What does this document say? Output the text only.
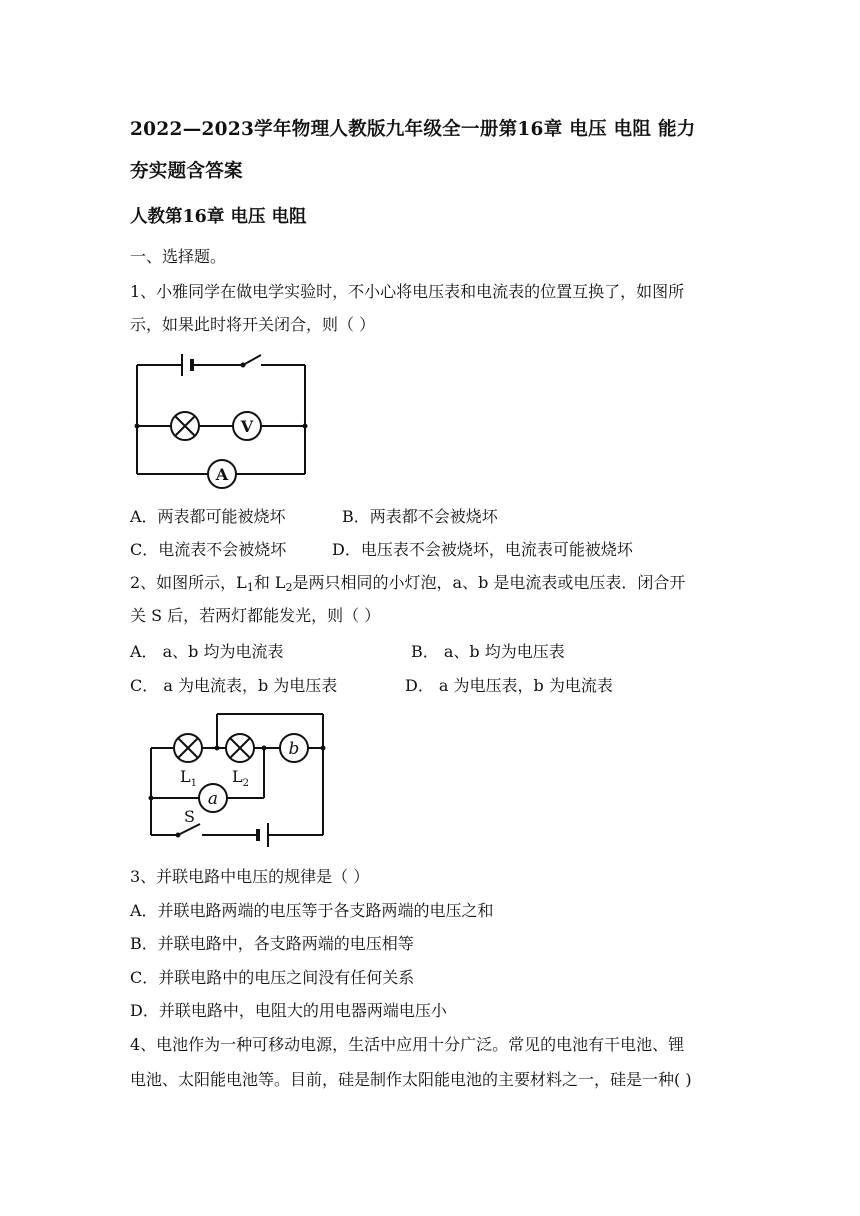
2022—2023学年物理人教版九年级全一册第16章 电压 电阻 能力
夯实题含答案
人教第16章 电压 电阻
一、选择题。
1、小雅同学在做电学实验时，不小心将电压表和电流表的位置互换了，如图所
示，如果此时将开关闭合，则（ ）
V
A
A．两表都可能被烧坏	B．两表都不会被烧坏
C．电流表不会被烧坏	D．电压表不会被烧坏，电流表可能被烧坏
2、如图所示，$L_1$和 $L_2$是两只相同的小灯泡，a、b 是电流表或电压表．闭合开
关 S 后，若两灯都能发光，则（ ）
A． a、b 均为电流表	B． a、b 均为电压表
C． a 为电流表，b 为电压表	D． a 为电压表，b 为电流表
b
a
$L_1$ $L_2$
S
3、并联电路中电压的规律是（ ）
A．并联电路两端的电压等于各支路两端的电压之和
B．并联电路中，各支路两端的电压相等
C．并联电路中的电压之间没有任何关系
D．并联电路中，电阻大的用电器两端电压小
4、电池作为一种可移动电源，生活中应用十分广泛。常见的电池有干电池、锂
电池、太阳能电池等。目前，硅是制作太阳能电池的主要材料之一，硅是一种( )
